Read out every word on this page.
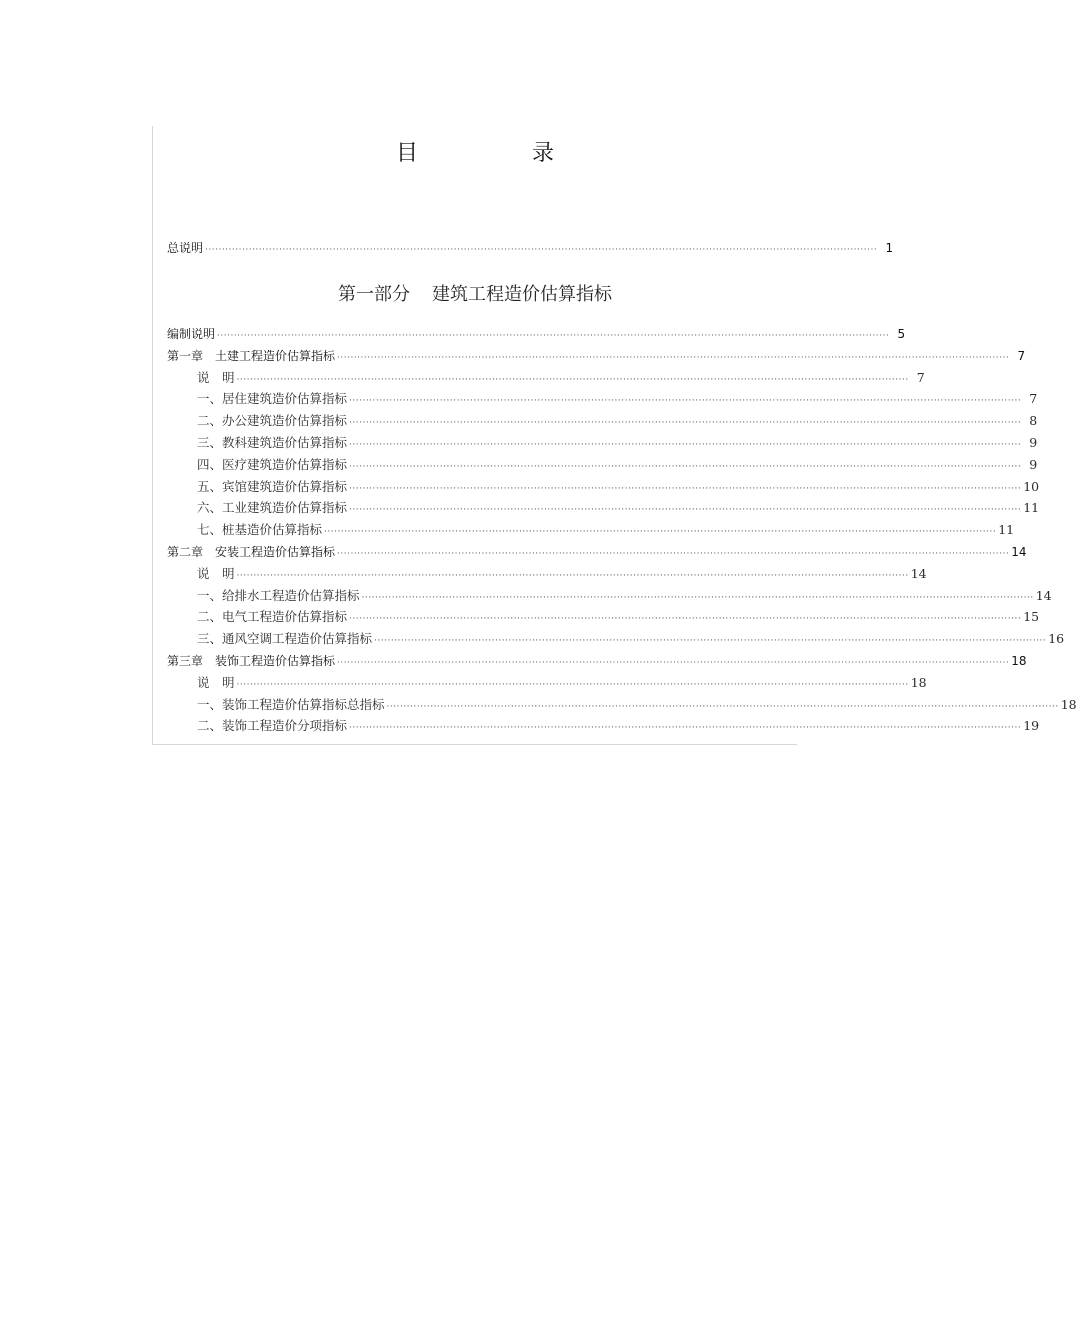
目　录
总说明 ········································································································································································································ 1
第一部分 建筑工程造价估算指标
编制说明 ········································································································································································································ 5
第一章　土建工程造价估算指标 ········································································································································································································ 7
说　明 ········································································································································································································ 7
一、居住建筑造价估算指标 ········································································································································································································ 7
二、办公建筑造价估算指标 ········································································································································································································ 8
三、教科建筑造价估算指标 ········································································································································································································ 9
四、医疗建筑造价估算指标 ········································································································································································································ 9
五、宾馆建筑造价估算指标 ········································································································································································································ 10
六、工业建筑造价估算指标 ········································································································································································································ 11
七、桩基造价估算指标 ········································································································································································································ 11
第二章　安装工程造价估算指标 ········································································································································································································ 14
说　明 ········································································································································································································ 14
一、给排水工程造价估算指标 ········································································································································································································ 14
二、电气工程造价估算指标 ········································································································································································································ 15
三、通风空调工程造价估算指标 ········································································································································································································ 16
第三章　装饰工程造价估算指标 ········································································································································································································ 18
说　明 ········································································································································································································ 18
一、装饰工程造价估算指标总指标 ········································································································································································································ 18
二、装饰工程造价分项指标 ········································································································································································································ 19
